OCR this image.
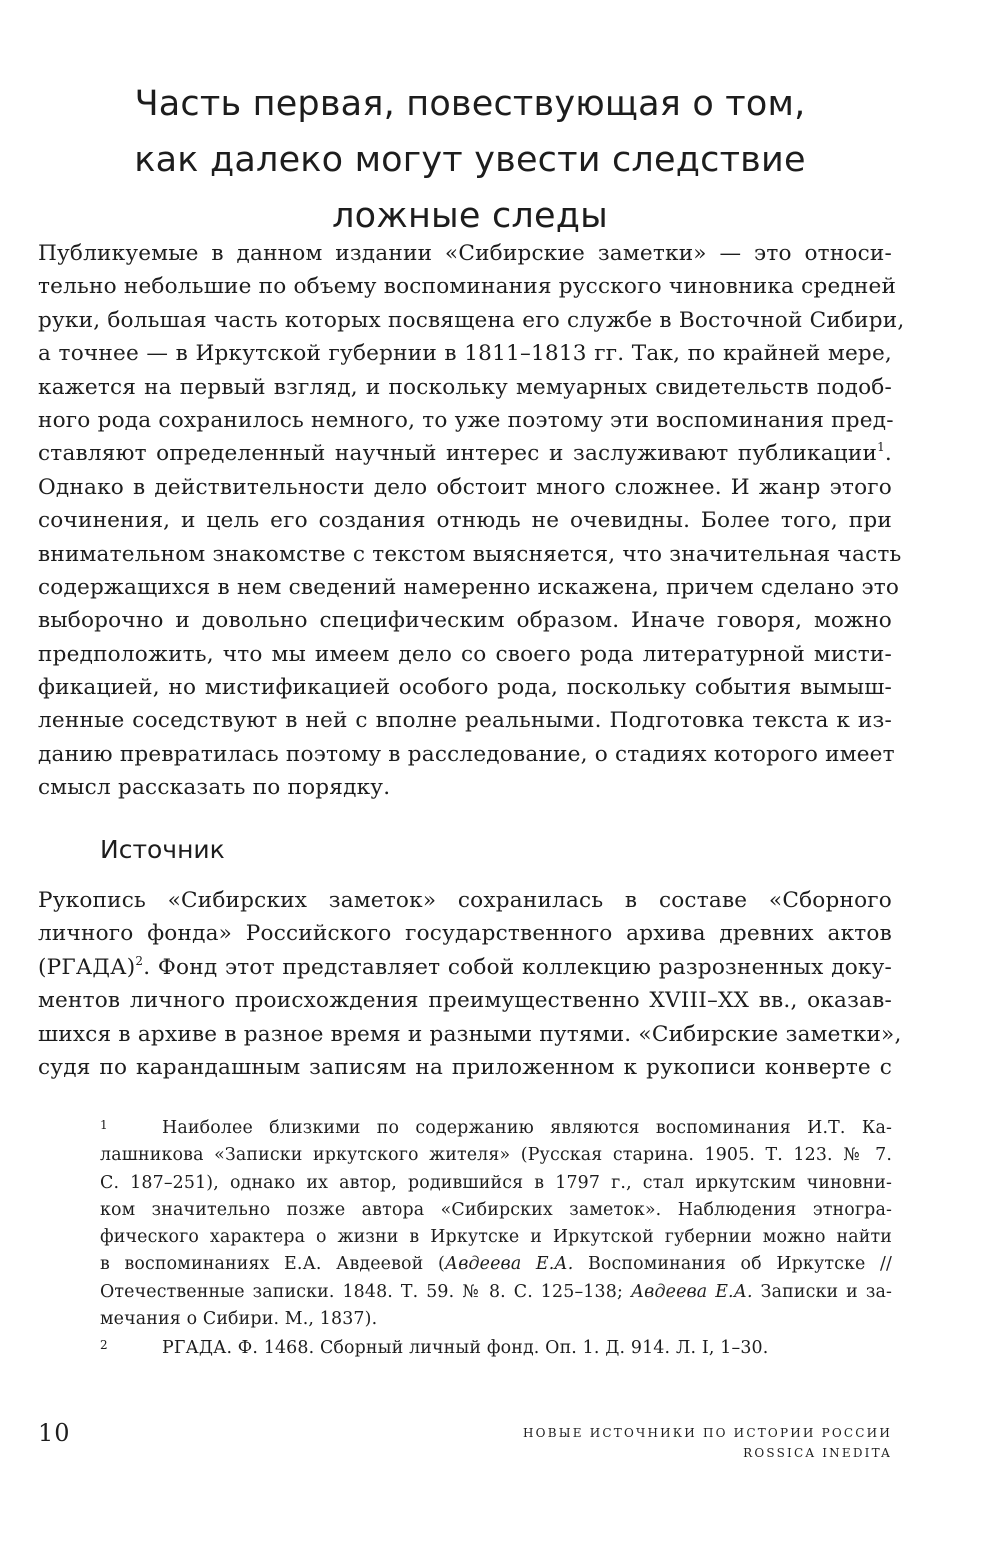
Часть первая, повествующая о том,
как далеко могут увести следствие
ложные следы
Публикуемые в данном издании «Сибирские заметки» — это относи-
тельно небольшие по объему воспоминания русского чиновника средней
руки, большая часть которых посвящена его службе в Восточной Сибири,
а точнее — в Иркутской губернии в 1811–1813 гг. Так, по крайней мере,
кажется на первый взгляд, и поскольку мемуарных свидетельств подоб-
ного рода сохранилось немного, то уже поэтому эти воспоминания пред-
ставляют определенный научный интерес и заслуживают публикации$^1$.
Однако в действительности дело обстоит много сложнее. И жанр этого
сочинения, и цель его создания отнюдь не очевидны. Более того, при
внимательном знакомстве с текстом выясняется, что значительная часть
содержащихся в нем сведений намеренно искажена, причем сделано это
выборочно и довольно специфическим образом. Иначе говоря, можно
предположить, что мы имеем дело со своего рода литературной мисти-
фикацией, но мистификацией особого рода, поскольку события вымыш-
ленные соседствуют в ней с вполне реальными. Подготовка текста к из-
данию превратилась поэтому в расследование, о стадиях которого имеет
смысл рассказать по порядку.
Источник
Рукопись «Сибирских заметок» сохранилась в составе «Сборного
личного фонда» Российского государственного архива древних актов
(РГАДА)$^2$. Фонд этот представляет собой коллекцию разрозненных доку-
ментов личного происхождения преимущественно XVIII–XX вв., оказав-
шихся в архиве в разное время и разными путями. «Сибирские заметки»,
судя по карандашным записям на приложенном к рукописи конверте с
1	Наиболее близкими по содержанию являются воспоминания И.Т. Ка-
лашникова «Записки иркутского жителя» (Русская старина. 1905. Т. 123. № 7.
С. 187–251), однако их автор, родившийся в 1797 г., стал иркутским чиновни-
ком значительно позже автора «Сибирских заметок». Наблюдения этногра-
фического характера о жизни в Иркутске и Иркутской губернии можно найти
в воспоминаниях Е.А. Авдеевой (Авдеева Е.А. Воспоминания об Иркутске //
Отечественные записки. 1848. Т. 59. № 8. С. 125–138; Авдеева Е.А. Записки и за-
мечания о Сибири. М., 1837).
2	РГАДА. Ф. 1468. Сборный личный фонд. Оп. 1. Д. 914. Л. I, 1–30.
10	НОВЫЕ ИСТОЧНИКИ ПО ИСТОРИИ РОССИИ
ROSSICA INEDITA
